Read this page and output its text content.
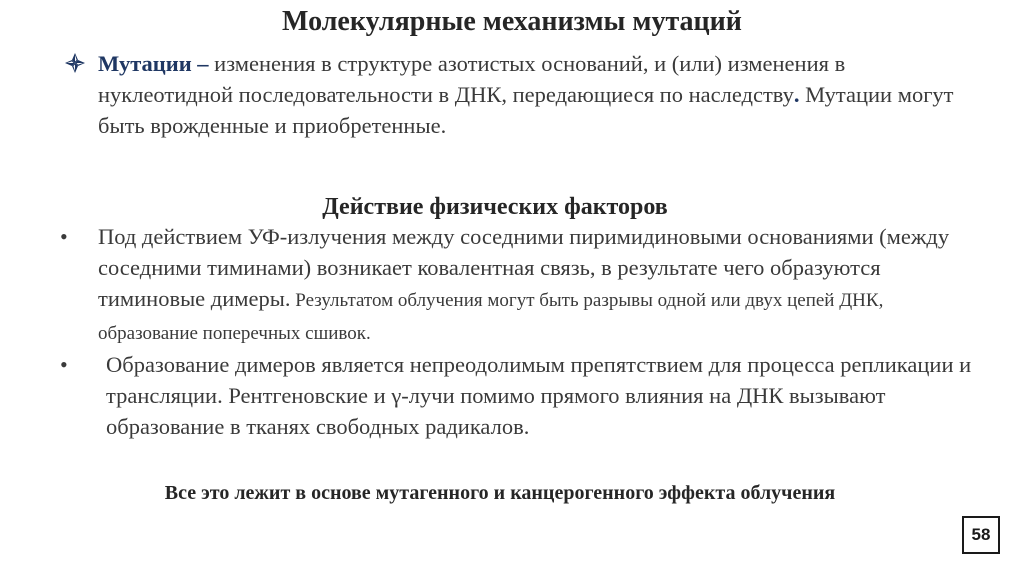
Молекулярные механизмы мутаций
Мутации – изменения в структуре азотистых оснований, и (или) изменения в нуклеотидной последовательности в ДНК, передающиеся по наследству. Мутации могут быть врожденные и приобретенные.
Действие физических факторов
• Под действием УФ-излучения между соседними пиримидиновыми основаниями (между соседними тиминами) возникает ковалентная связь, в результате чего образуются тиминовые димеры. Результатом облучения могут быть разрывы одной или двух цепей ДНК, образование поперечных сшивок.
• Образование димеров является непреодолимым препятствием для процесса репликации и трансляции. Рентгеновские и γ-лучи помимо прямого влияния на ДНК вызывают образование в тканях свободных радикалов.
Все это лежит в основе мутагенного и канцерогенного эффекта облучения
58
